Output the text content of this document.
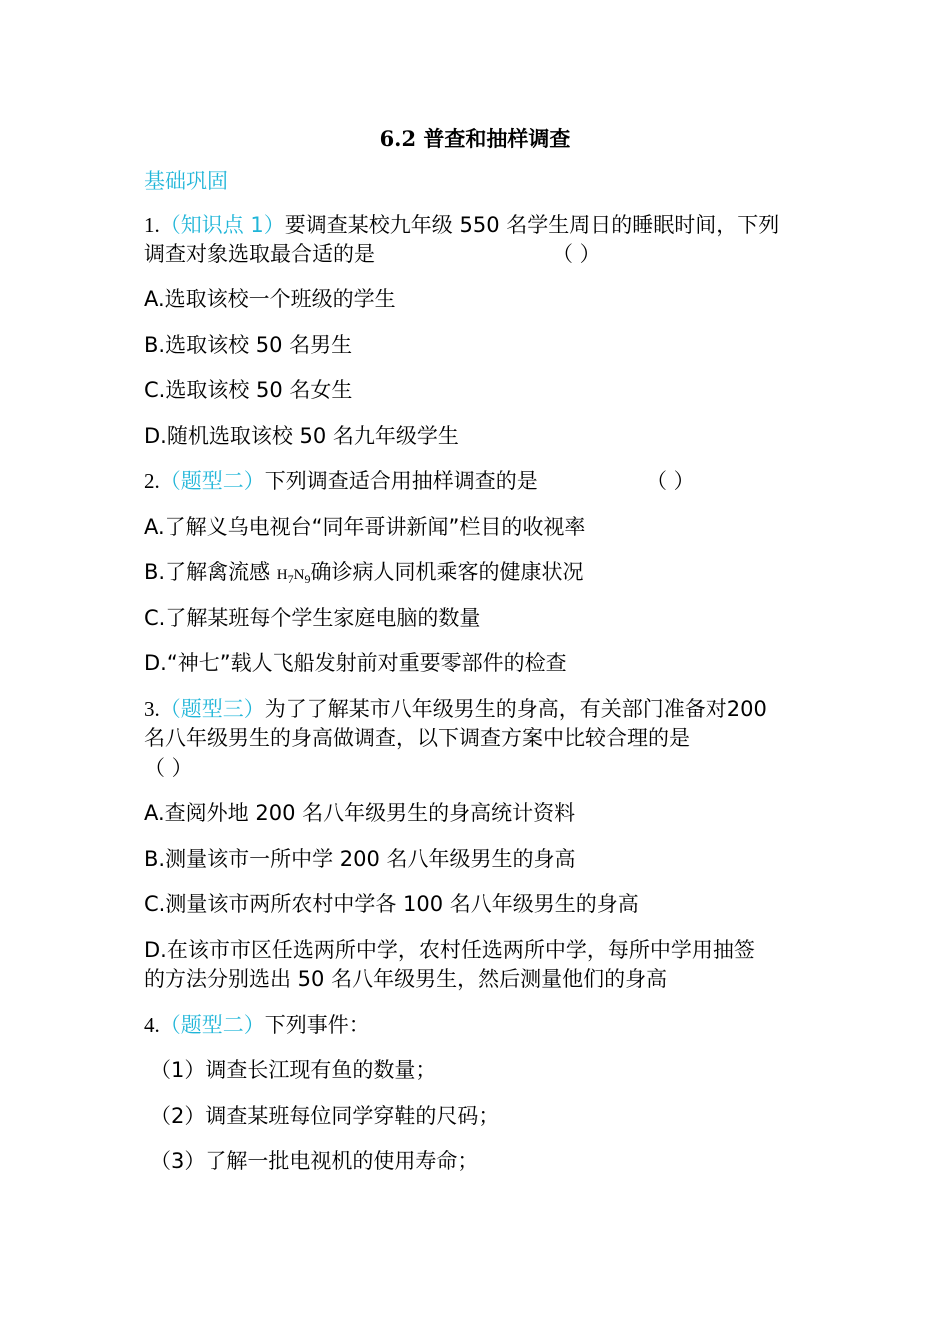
6.2 普查和抽样调查
基础巩固
1.（知识点 1）要调查某校九年级 550 名学生周日的睡眠时间，下列
调查对象选取最合适的是	（ ）
A.选取该校一个班级的学生
B.选取该校 50 名男生
C.选取该校 50 名女生
D.随机选取该校 50 名九年级学生
2.（题型二）下列调查适合用抽样调查的是	（ ）
A.了解义乌电视台“同年哥讲新闻”栏目的收视率
B.了解禽流感 $H_7N_9$确诊病人同机乘客的健康状况
C.了解某班每个学生家庭电脑的数量
D.“神七”载人飞船发射前对重要零部件的检查
3.（题型三）为了了解某市八年级男生的身高，有关部门准备对200
名八年级男生的身高做调查，以下调查方案中比较合理的是
（ ）
A.查阅外地 200 名八年级男生的身高统计资料
B.测量该市一所中学 200 名八年级男生的身高
C.测量该市两所农村中学各 100 名八年级男生的身高
D.在该市市区任选两所中学，农村任选两所中学，每所中学用抽签
的方法分别选出 50 名八年级男生，然后测量他们的身高
4.（题型二）下列事件：
（1）调查长江现有鱼的数量；
（2）调查某班每位同学穿鞋的尺码；
（3）了解一批电视机的使用寿命；
